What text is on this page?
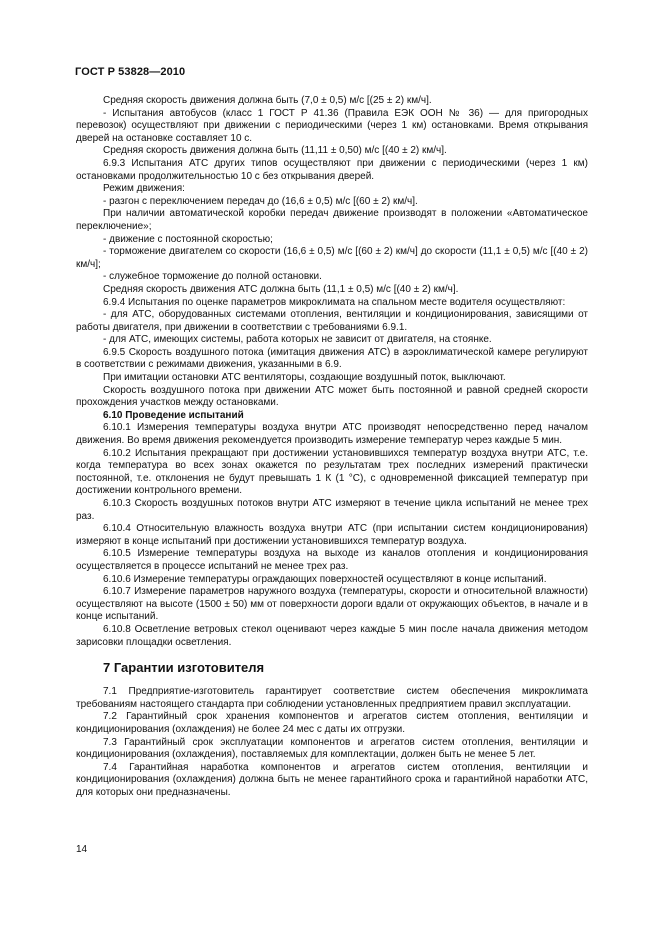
ГОСТ Р 53828—2010

Средняя скорость движения должна быть (7,0 ± 0,5) м/с [(25 ± 2) км/ч].

- Испытания автобусов (класс 1 ГОСТ Р 41.36 (Правила ЕЭК ООН № 36) — для пригородных перевозок) осуществляют при движении с периодическими (через 1 км) остановками. Время открывания дверей на остановке составляет 10 с.

Средняя скорость движения должна быть (11,11 ± 0,50) м/с [(40 ± 2) км/ч].

6.9.3 Испытания АТС других типов осуществляют при движении с периодическими (через 1 км) остановками продолжительностью 10 с без открывания дверей.

Режим движения:

- разгон с переключением передач до (16,6 ± 0,5) м/с [(60 ± 2) км/ч].

При наличии автоматической коробки передач движение производят в положении «Автоматическое переключение»;

- движение с постоянной скоростью;

- торможение двигателем со скорости (16,6 ± 0,5) м/с [(60 ± 2) км/ч] до скорости (11,1 ± 0,5) м/с [(40 ± 2) км/ч];

- служебное торможение до полной остановки.

Средняя скорость движения АТС должна быть (11,1 ± 0,5) м/с [(40 ± 2) км/ч].

6.9.4 Испытания по оценке параметров микроклимата на спальном месте водителя осуществляют:

- для АТС, оборудованных системами отопления, вентиляции и кондиционирования, зависящими от работы двигателя, при движении в соответствии с требованиями 6.9.1.

- для АТС, имеющих системы, работа которых не зависит от двигателя, на стоянке.

6.9.5 Скорость воздушного потока (имитация движения АТС) в аэроклиматической камере регулируют в соответствии с режимами движения, указанными в 6.9.

При имитации остановки АТС вентиляторы, создающие воздушный поток, выключают.

Скорость воздушного потока при движении АТС может быть постоянной и равной средней скорости прохождения участков между остановками.

6.10 Проведение испытаний

6.10.1 Измерения температуры воздуха внутри АТС производят непосредственно перед началом движения. Во время движения рекомендуется производить измерение температур через каждые 5 мин.

6.10.2 Испытания прекращают при достижении установившихся температур воздуха внутри АТС, т.е. когда температура во всех зонах окажется по результатам трех последних измерений практически постоянной, т.е. отклонения не будут превышать 1 К (1 °С), с одновременной фиксацией температур при достижении контрольного времени.

6.10.3 Скорость воздушных потоков внутри АТС измеряют в течение цикла испытаний не менее трех раз.

6.10.4 Относительную влажность воздуха внутри АТС (при испытании систем кондиционирования) измеряют в конце испытаний при достижении установившихся температур воздуха.

6.10.5 Измерение температуры воздуха на выходе из каналов отопления и кондиционирования осуществляется в процессе испытаний не менее трех раз.

6.10.6 Измерение температуры ограждающих поверхностей осуществляют в конце испытаний.

6.10.7 Измерение параметров наружного воздуха (температуры, скорости и относительной влажности) осуществляют на высоте (1500 ± 50) мм от поверхности дороги вдали от окружающих объектов, в начале и в конце испытаний.

6.10.8 Осветление ветровых стекол оценивают через каждые 5 мин после начала движения методом зарисовки площадки осветления.

7 Гарантии изготовителя

7.1 Предприятие-изготовитель гарантирует соответствие систем обеспечения микроклимата требованиям настоящего стандарта при соблюдении установленных предприятием правил эксплуатации.

7.2 Гарантийный срок хранения компонентов и агрегатов систем отопления, вентиляции и кондиционирования (охлаждения) не более 24 мес с даты их отгрузки.

7.3 Гарантийный срок эксплуатации компонентов и агрегатов систем отопления, вентиляции и кондиционирования (охлаждения), поставляемых для комплектации, должен быть не менее 5 лет.

7.4 Гарантийная наработка компонентов и агрегатов систем отопления, вентиляции и кондиционирования (охлаждения) должна быть не менее гарантийного срока и гарантийной наработки АТС, для которых они предназначены.

14
